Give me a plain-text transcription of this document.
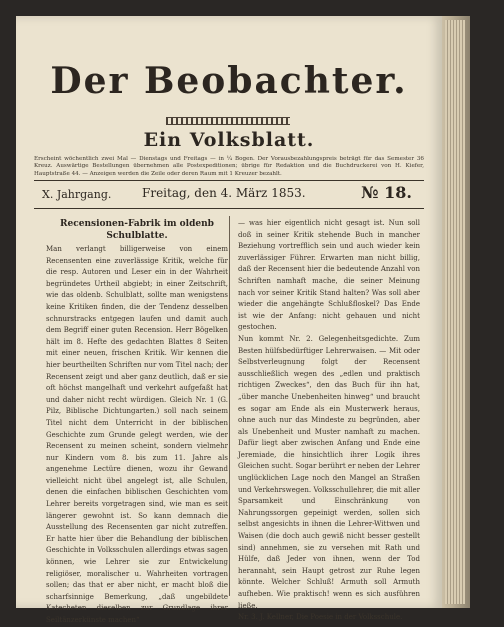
Der Beobachter.
Ein Volksblatt.
Erscheint wöchentlich zwei Mal — Dienstags und Freitags — in ¼ Bogen. Der Vorausbezahlungspreis beträgt für das Semester 36 Kreuz. Auswärtige Bestellungen übernehmen alle Postexpeditionen; übrige für Redaktion und die Buchdruckerei von H. Kiefer, Hauptstraße 44. — Anzeigen werden die Zeile oder deren Raum mit 1 Kreuzer bezahlt.
X. Jahrgang.	Freitag, den 4. März 1853.	№ 18.
Recensionen-Fabrik im oldenb Schulblatte.

Man verlangt billigerweise von einem Recensenten eine zuverlässige Kritik, welche für die resp. Autoren und Leser ein in der Wahrheit begründetes Urtheil abgiebt; in einer Zeitschrift, wie das oldenb. Schulblatt, sollte man wenigstens keine Kritiken finden, die der Tendenz desselben schnurstracks entgegen laufen und damit auch dem Begriff einer guten Recension. Herr Bögelken hält im 8. Hefte des gedachten Blattes 8 Seiten mit einer neuen, frischen Kritik. Wir kennen die hier beurtheilten Schriften nur vom Titel nach; der Recensent zeigt und aber ganz deutlich, daß er sie oft höchst mangelhaft und verkehrt aufgefaßt hat und daher nicht recht würdigen. Gleich Nr. 1 (G. Pilz, Biblische Dichtungarten.) soll nach seinem Titel nicht dem Unterricht in der biblischen Geschichte zum Grunde gelegt werden, wie der Recensent zu meinen scheint, sondern vielmehr nur Kindern vom 8. bis zum 11. Jahre als angenehme Lectüre dienen, wozu ihr Gewand vielleicht nicht übel angelegt ist, alle Schulen, denen die einfachen biblischen Geschichten vom Lehrer bereits vorgetragen sind, wie man es seit längerer gewohnt ist. So kann demnach die Ausstellung des Recensenten gar nicht zutreffen. Er hatte hier über die Behandlung der biblischen Geschichte in Volksschulen allerdings etwas sagen können, wie Lehrer sie zur Entwickelung religiöser, moralischer u. Wahrheiten vortragen sollen; das that er aber nicht, er macht bloß die scharfsinnige Bemerkung, „daß ungebildete Katecheten dieselben zur Grundlage ihrer Seiltänzerkünste machen“

— was hier eigentlich nicht gesagt ist. Nun soll doß in seiner Kritik stehende Buch in mancher Beziehung vortrefflich sein und auch wieder kein zuverlässiger Führer. Erwarten man nicht billig, daß der Recensent hier die bedeutende Anzahl von Schriften namhaft mache, die seiner Meinung nach vor seiner Kritik Stand halten? Was soll aber wieder die angehängte Schlußfloskel? Das Ende ist wie der Anfang: nicht gehauen und nicht gestochen.

Nun kommt Nr. 2. Gelegenheitsgedichte. Zum Besten hülfsbedürftiger Lehrerwaisen. — Mit oder Selbstverleugnung folgt der Recensent ausschließlich wegen des „edlen und praktisch richtigen Zweckes“, den das Buch für ihn hat, „über manche Unebenheiten hinweg“ und braucht es sogar am Ende als ein Musterwerk heraus, ohne auch nur das Mindeste zu begründen, aber als Unebenheit und Muster namhaft zu machen. Dafür liegt aber zwischen Anfang und Ende eine Jeremiade, die hinsichtlich ihrer Logik ihres Gleichen sucht. Sogar berührt er neben der Lehrer unglücklichen Lage noch den Mangel an Straßen und Verkehrswegen. Volksschullehrer, die mit aller Sparsamkeit und Einschränkung von Nahrungssorgen gepeinigt werden, sollen sich selbst angesichts in ihnen die Lehrer-Wittwen und Waisen (die doch auch gewiß nicht besser gestellt sind) annehmen, sie zu versehen mit Rath und Hülfe, daß Jeder von ihnen, wenn der Tod herannaht, sein Haupt getrost zur Ruhe legen könnte. Welcher Schluß! Armuth soll Armuth aufheben. Wie praktisch! wenn es sich ausführen ließe.

Nr. 3. J. Kellner, Die Poesie in der Volksschule.
